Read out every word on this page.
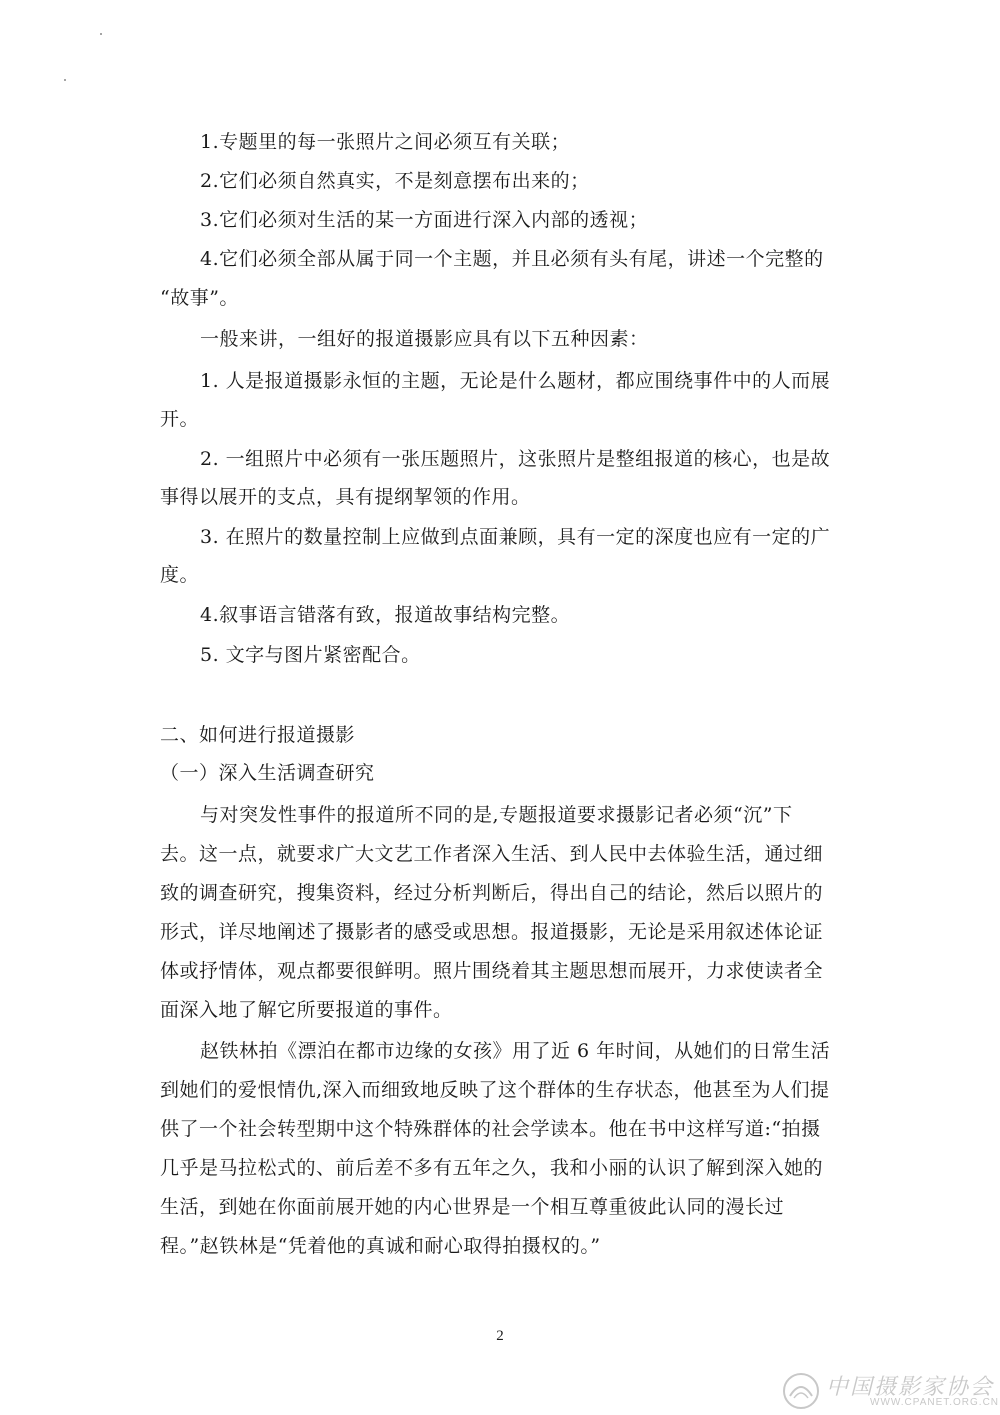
1.专题里的每一张照片之间必须互有关联；
2.它们必须自然真实，不是刻意摆布出来的；
3.它们必须对生活的某一方面进行深入内部的透视；
4.它们必须全部从属于同一个主题，并且必须有头有尾，讲述一个完整的
“故事”。
一般来讲，一组好的报道摄影应具有以下五种因素：
1. 人是报道摄影永恒的主题，无论是什么题材，都应围绕事件中的人而展
开。
2. 一组照片中必须有一张压题照片，这张照片是整组报道的核心，也是故
事得以展开的支点，具有提纲挈领的作用。
3. 在照片的数量控制上应做到点面兼顾，具有一定的深度也应有一定的广
度。
4.叙事语言错落有致，报道故事结构完整。
5. 文字与图片紧密配合。
二、如何进行报道摄影
（一）深入生活调查研究
与对突发性事件的报道所不同的是,专题报道要求摄影记者必须“沉”下
去。这一点，就要求广大文艺工作者深入生活、到人民中去体验生活，通过细
致的调查研究，搜集资料，经过分析判断后，得出自己的结论，然后以照片的
形式，详尽地阐述了摄影者的感受或思想。报道摄影，无论是采用叙述体论证
体或抒情体，观点都要很鲜明。照片围绕着其主题思想而展开，力求使读者全
面深入地了解它所要报道的事件。
赵铁林拍《漂泊在都市边缘的女孩》用了近 6 年时间，从她们的日常生活
到她们的爱恨情仇,深入而细致地反映了这个群体的生存状态，他甚至为人们提
供了一个社会转型期中这个特殊群体的社会学读本。他在书中这样写道:“拍摄
几乎是马拉松式的、前后差不多有五年之久，我和小丽的认识了解到深入她的
生活，到她在你面前展开她的内心世界是一个相互尊重彼此认同的漫长过
程。”赵铁林是“凭着他的真诚和耐心取得拍摄权的。”
2
中国摄影家协会
WWW.CPANET.ORG.CN
